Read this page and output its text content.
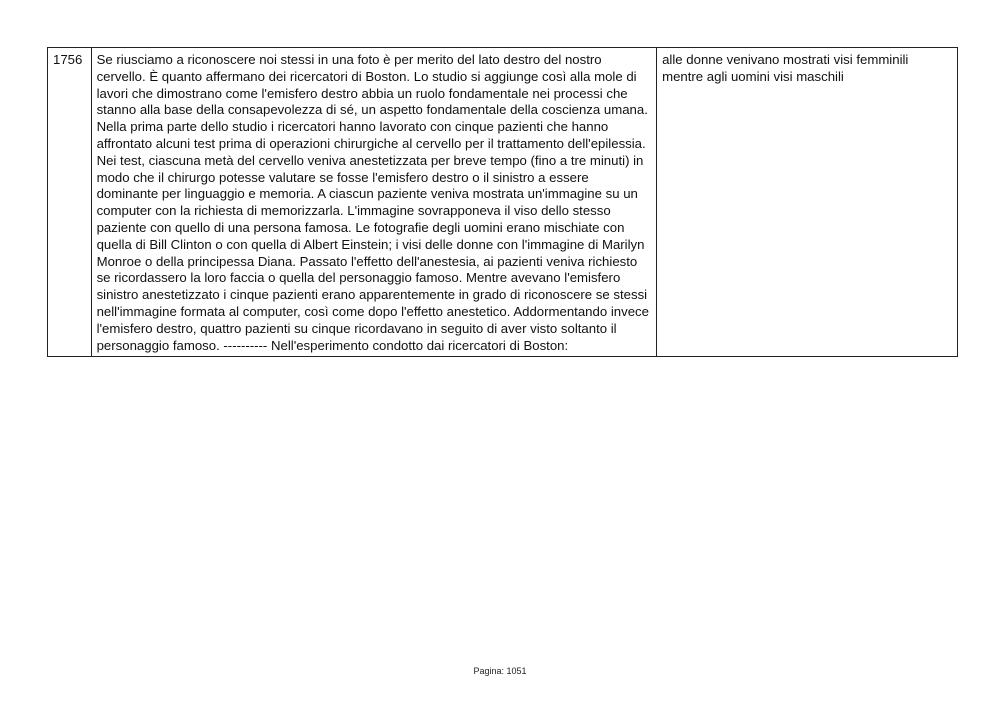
1756	Se riusciamo a riconoscere noi stessi in una foto è per merito del lato destro del nostro cervello. È quanto affermano dei ricercatori di Boston. Lo studio si aggiunge così alla mole di lavori che dimostrano come l'emisfero destro abbia un ruolo fondamentale nei processi che stanno alla base della consapevolezza di sé, un aspetto fondamentale della coscienza umana. Nella prima parte dello studio i ricercatori hanno lavorato con cinque pazienti che hanno affrontato alcuni test prima di operazioni chirurgiche al cervello per il trattamento dell'epilessia. Nei test, ciascuna metà del cervello veniva anestetizzata per breve tempo (fino a tre minuti) in modo che il chirurgo potesse valutare se fosse l'emisfero destro o il sinistro a essere dominante per linguaggio e memoria. A ciascun paziente veniva mostrata un'immagine su un computer con la richiesta di memorizzarla. L'immagine sovrapponeva il viso dello stesso paziente con quello di una persona famosa. Le fotografie degli uomini erano mischiate con quella di Bill Clinton o con quella di Albert Einstein; i visi delle donne con l'immagine di Marilyn Monroe o della principessa Diana. Passato l'effetto dell'anestesia, ai pazienti veniva richiesto se ricordassero la loro faccia o quella del personaggio famoso. Mentre avevano l'emisfero sinistro anestetizzato i cinque pazienti erano apparentemente in grado di riconoscere se stessi nell'immagine formata al computer, così come dopo l'effetto anestetico. Addormentando invece l'emisfero destro, quattro pazienti su cinque ricordavano in seguito di aver visto soltanto il personaggio famoso. ---------- Nell'esperimento condotto dai ricercatori di Boston:	alle donne venivano mostrati visi femminili mentre agli uomini visi maschili
Pagina: 1051
